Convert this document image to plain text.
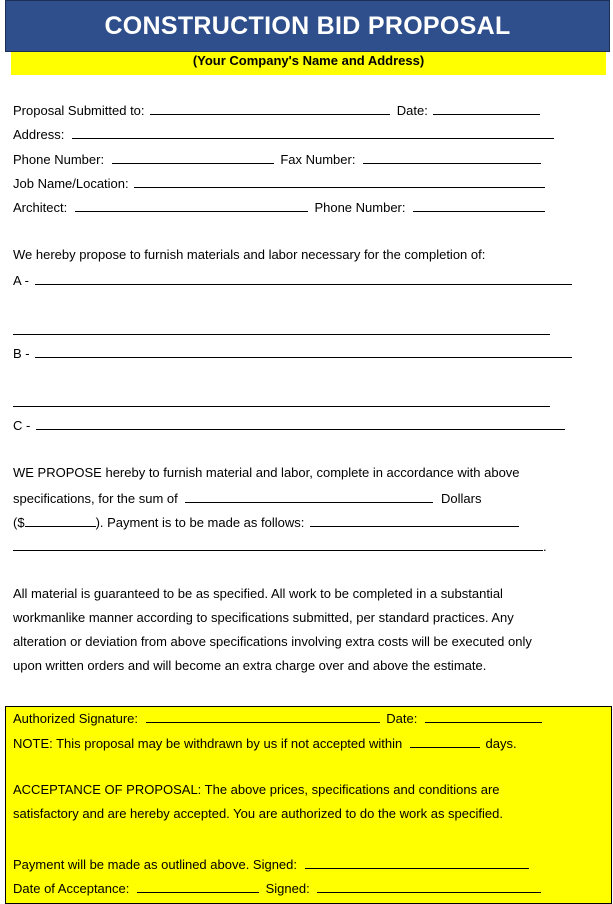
CONSTRUCTION BID PROPOSAL
(Your Company's Name and Address)
Proposal Submitted to:	Date:
Address:
Phone Number:	Fax Number:
Job Name/Location:
Architect:	Phone Number:
We hereby propose to furnish materials and labor necessary for the completion of:
A -
B -
C -
WE PROPOSE hereby to furnish material and labor, complete in accordance with above
specifications, for the sum of	Dollars
($	). Payment is to be made as follows:
.
All material is guaranteed to be as specified. All work to be completed in a substantial
workmanlike manner according to specifications submitted, per standard practices. Any
alteration or deviation from above specifications involving extra costs will be executed only
upon written orders and will become an extra charge over and above the estimate.
Authorized Signature:	Date:
NOTE: This proposal may be withdrawn by us if not accepted within	days.
ACCEPTANCE OF PROPOSAL: The above prices, specifications and conditions are
satisfactory and are hereby accepted. You are authorized to do the work as specified.
Payment will be made as outlined above. Signed:
Date of Acceptance:	Signed:
